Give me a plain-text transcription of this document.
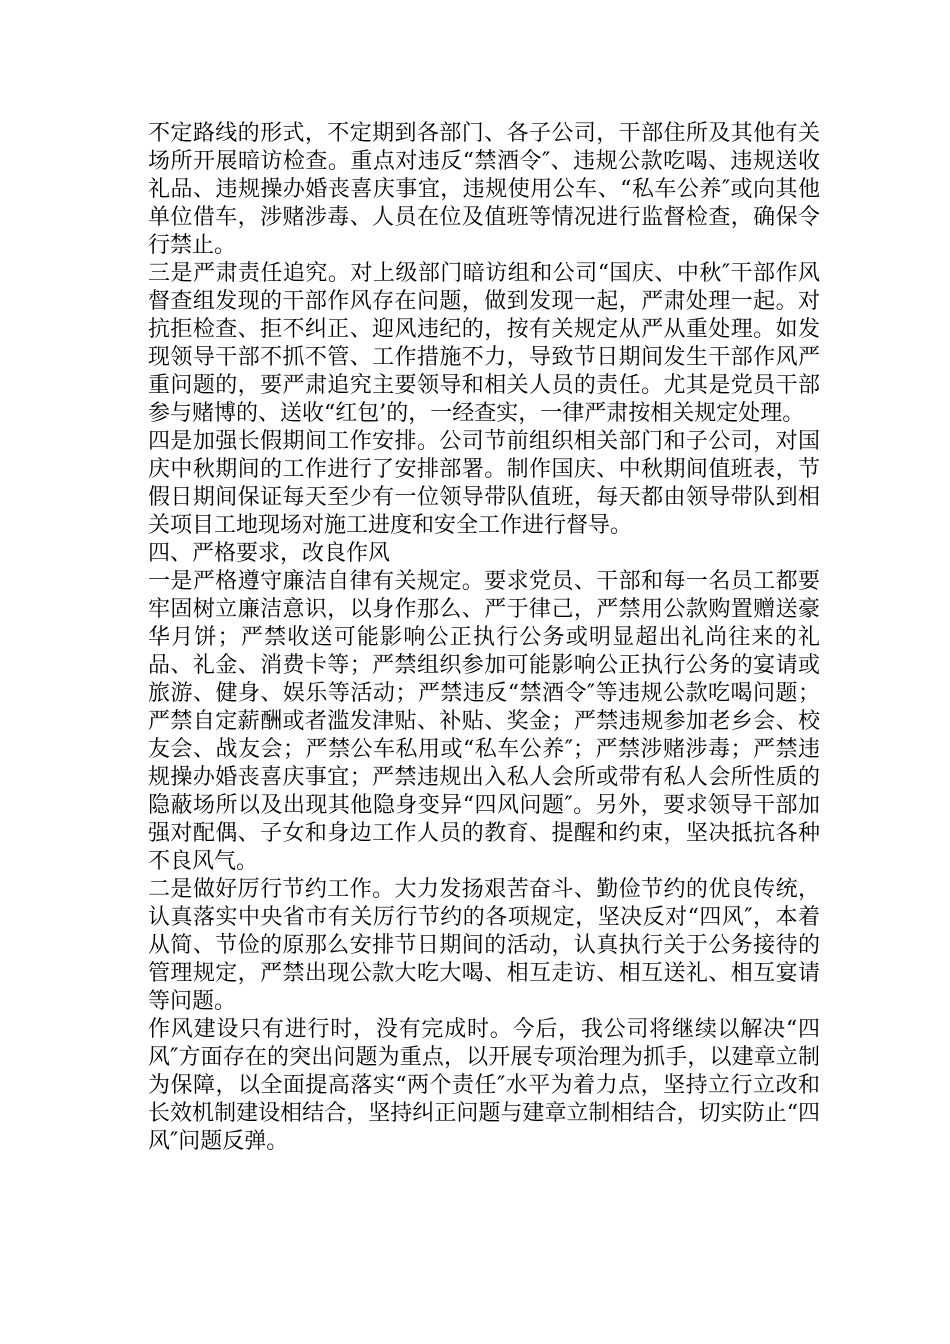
不定路线的形式，不定期到各部门、各子公司，干部住所及其他有关场所开展暗访检查。重点对违反“禁酒令″、违规公款吃喝、违规送收礼品、违规操办婚丧喜庆事宜，违规使用公车、“私车公养″或向其他单位借车，涉赌涉毒、人员在位及值班等情况进行监督检查，确保令行禁止。

三是严肃责任追究。对上级部门暗访组和公司“国庆、中秋″干部作风督查组发现的干部作风存在问题，做到发现一起，严肃处理一起。对抗拒检查、拒不纠正、迎风违纪的，按有关规定从严从重处理。如发现领导干部不抓不管、工作措施不力，导致节日期间发生干部作风严重问题的，要严肃追究主要领导和相关人员的责任。尤其是党员干部参与赌博的、送收“红包’的，一经查实，一律严肃按相关规定处理。

四是加强长假期间工作安排。公司节前组织相关部门和子公司，对国庆中秋期间的工作进行了安排部署。制作国庆、中秋期间值班表，节假日期间保证每天至少有一位领导带队值班，每天都由领导带队到相关项目工地现场对施工进度和安全工作进行督导。

四、严格要求，改良作风

一是严格遵守廉洁自律有关规定。要求党员、干部和每一名员工都要牢固树立廉洁意识，以身作那么、严于律己，严禁用公款购置赠送豪华月饼；严禁收送可能影响公正执行公务或明显超出礼尚往来的礼品、礼金、消费卡等；严禁组织参加可能影响公正执行公务的宴请或旅游、健身、娱乐等活动；严禁违反“禁酒令″等违规公款吃喝问题；严禁自定薪酬或者滥发津贴、补贴、奖金；严禁违规参加老乡会、校友会、战友会；严禁公车私用或“私车公养″；严禁涉赌涉毒；严禁违规操办婚丧喜庆事宜；严禁违规出入私人会所或带有私人会所性质的隐蔽场所以及出现其他隐身变异“四风问题″。另外，要求领导干部加强对配偶、子女和身边工作人员的教育、提醒和约束，坚决抵抗各种不良风气。

二是做好厉行节约工作。大力发扬艰苦奋斗、勤俭节约的优良传统，认真落实中央省市有关厉行节约的各项规定，坚决反对“四风″，本着从简、节俭的原那么安排节日期间的活动，认真执行关于公务接待的管理规定，严禁出现公款大吃大喝、相互走访、相互送礼、相互宴请等问题。

作风建设只有进行时，没有完成时。今后，我公司将继续以解决“四风″方面存在的突出问题为重点，以开展专项治理为抓手，以建章立制为保障，以全面提高落实“两个责任″水平为着力点，坚持立行立改和长效机制建设相结合，坚持纠正问题与建章立制相结合，切实防止“四风″问题反弹。
